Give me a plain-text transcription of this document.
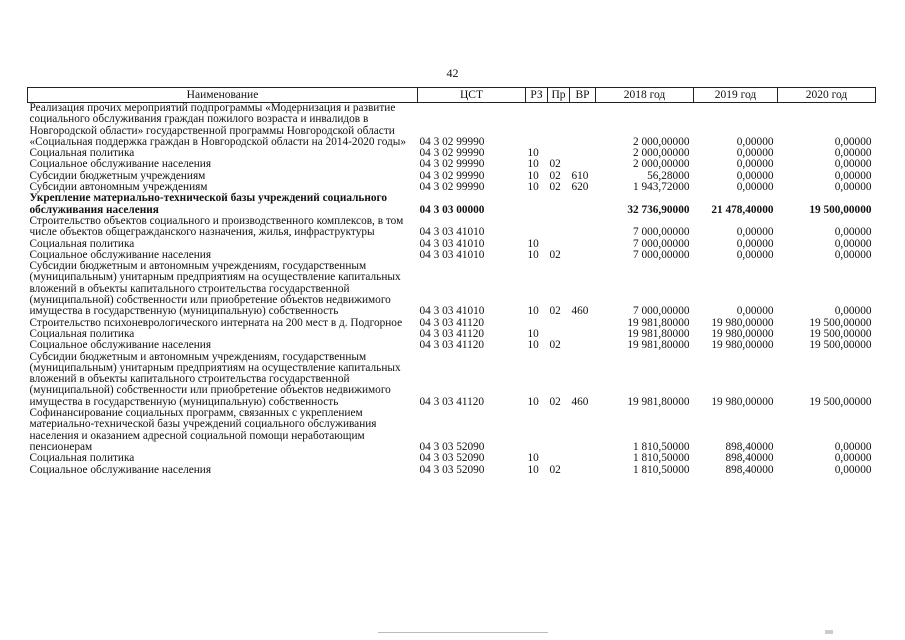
42
Наименование	ЦСТ	РЗ	Пр	ВР	2018 год	2019 год	2020 год
Реализация прочих мероприятий подпрограммы «Модернизация и развитие социального обслуживания граждан пожилого возраста и инвалидов в Новгородской области» государственной программы Новгородской области «Социальная поддержка граждан в Новгородской области на 2014-2020 годы»	04 3 02 99990				2 000,00000	0,00000	0,00000
Социальная политика	04 3 02 99990	10			2 000,00000	0,00000	0,00000
Социальное обслуживание населения	04 3 02 99990	10	02		2 000,00000	0,00000	0,00000
Субсидии бюджетным учреждениям	04 3 02 99990	10	02	610	56,28000	0,00000	0,00000
Субсидии автономным учреждениям	04 3 02 99990	10	02	620	1 943,72000	0,00000	0,00000
Укрепление материально-технической базы учреждений социального обслуживания населения	04 3 03 00000				32 736,90000	21 478,40000	19 500,00000
Строительство объектов социального и производственного комплексов, в том числе объектов общегражданского назначения, жилья, инфраструктуры	04 3 03 41010				7 000,00000	0,00000	0,00000
Социальная политика	04 3 03 41010	10			7 000,00000	0,00000	0,00000
Социальное обслуживание населения	04 3 03 41010	10	02		7 000,00000	0,00000	0,00000
Субсидии бюджетным и автономным учреждениям, государственным (муниципальным) унитарным предприятиям на осуществление капитальных вложений в объекты капитального строительства государственной (муниципальной) собственности или приобретение объектов недвижимого имущества в государственную (муниципальную) собственность	04 3 03 41010	10	02	460	7 000,00000	0,00000	0,00000
Строительство психоневрологического интерната на 200 мест в д. Подгорное	04 3 03 41120				19 981,80000	19 980,00000	19 500,00000
Социальная политика	04 3 03 41120	10			19 981,80000	19 980,00000	19 500,00000
Социальное обслуживание населения	04 3 03 41120	10	02		19 981,80000	19 980,00000	19 500,00000
Субсидии бюджетным и автономным учреждениям, государственным (муниципальным) унитарным предприятиям на осуществление капитальных вложений в объекты капитального строительства государственной (муниципальной) собственности или приобретение объектов недвижимого имущества в государственную (муниципальную) собственность	04 3 03 41120	10	02	460	19 981,80000	19 980,00000	19 500,00000
Софинансирование социальных программ, связанных с укреплением материально-технической базы учреждений социального обслуживания населения и оказанием адресной социальной помощи неработающим пенсионерам	04 3 03 52090				1 810,50000	898,40000	0,00000
Социальная политика	04 3 03 52090	10			1 810,50000	898,40000	0,00000
Социальное обслуживание населения	04 3 03 52090	10	02		1 810,50000	898,40000	0,00000
